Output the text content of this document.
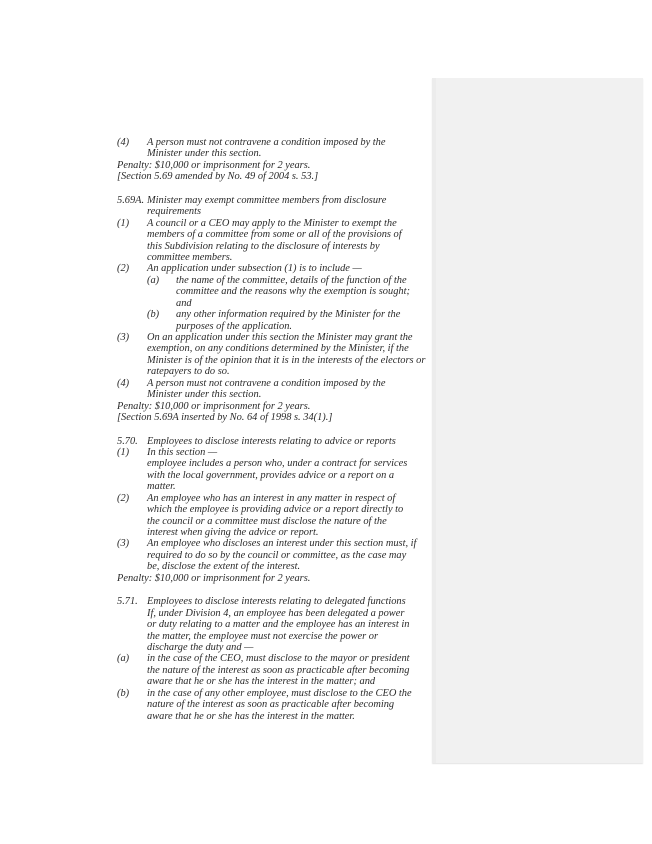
(4) A person must not contravene a condition imposed by the
Minister under this section.
Penalty: $10,000 or imprisonment for 2 years.
[Section 5.69 amended by No. 49 of 2004 s. 53.]
5.69A. Minister may exempt committee members from disclosure
requirements
(1) A council or a CEO may apply to the Minister to exempt the
members of a committee from some or all of the provisions of
this Subdivision relating to the disclosure of interests by
committee members.
(2) An application under subsection (1) is to include —
(a) the name of the committee, details of the function of the
committee and the reasons why the exemption is sought;
and
(b) any other information required by the Minister for the
purposes of the application.
(3) On an application under this section the Minister may grant the
exemption, on any conditions determined by the Minister, if the
Minister is of the opinion that it is in the interests of the electors or
ratepayers to do so.
(4) A person must not contravene a condition imposed by the
Minister under this section.
Penalty: $10,000 or imprisonment for 2 years.
[Section 5.69A inserted by No. 64 of 1998 s. 34(1).]
5.70. Employees to disclose interests relating to advice or reports
(1) In this section —
employee includes a person who, under a contract for services
with the local government, provides advice or a report on a
matter.
(2) An employee who has an interest in any matter in respect of
which the employee is providing advice or a report directly to
the council or a committee must disclose the nature of the
interest when giving the advice or report.
(3) An employee who discloses an interest under this section must, if
required to do so by the council or committee, as the case may
be, disclose the extent of the interest.
Penalty: $10,000 or imprisonment for 2 years.
5.71. Employees to disclose interests relating to delegated functions
If, under Division 4, an employee has been delegated a power
or duty relating to a matter and the employee has an interest in
the matter, the employee must not exercise the power or
discharge the duty and —
(a) in the case of the CEO, must disclose to the mayor or president
the nature of the interest as soon as practicable after becoming
aware that he or she has the interest in the matter; and
(b) in the case of any other employee, must disclose to the CEO the
nature of the interest as soon as practicable after becoming
aware that he or she has the interest in the matter.
